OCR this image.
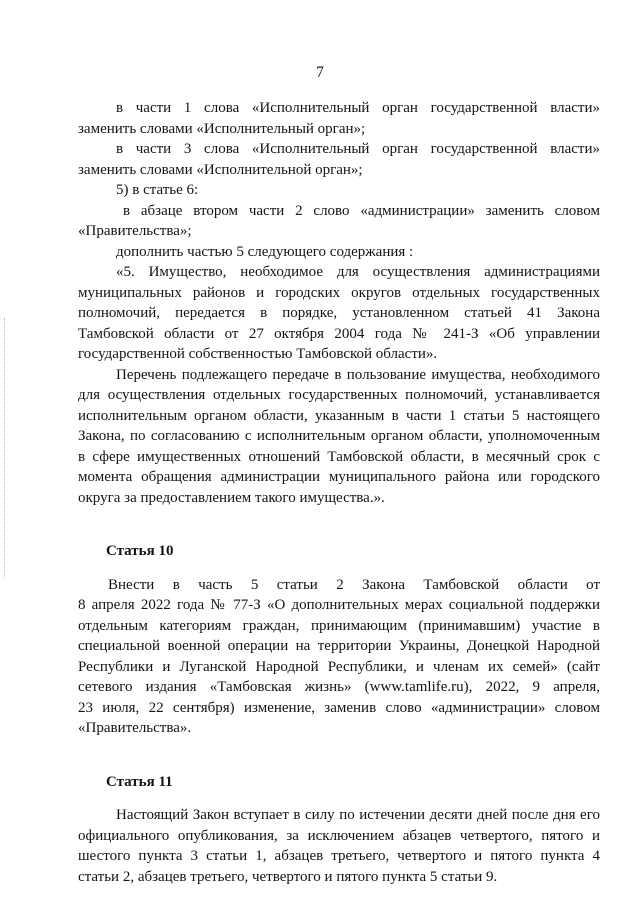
7
в части 1 слова «Исполнительный орган государственной власти»
заменить словами «Исполнительный орган»;
в части 3 слова «Исполнительный орган государственной власти»
заменить словами «Исполнительной орган»;
5) в статье 6:
в абзаце втором части 2 слово «администрации» заменить словом
«Правительства»;
дополнить частью 5 следующего содержания :
«5. Имущество, необходимое для осуществления администрациями
муниципальных районов и городских округов отдельных государственных
полномочий, передается в порядке, установленном статьей 41 Закона
Тамбовской области от 27 октября 2004 года № 241-З «Об управлении
государственной собственностью Тамбовской области».
Перечень подлежащего передаче в пользование имущества, необходимого
для осуществления отдельных государственных полномочий, устанавливается
исполнительным органом области, указанным в части 1 статьи 5 настоящего
Закона, по согласованию с исполнительным органом области, уполномоченным
в сфере имущественных отношений Тамбовской области, в месячный срок с
момента обращения администрации муниципального района или городского
округа за предоставлением такого имущества.».
Статья 10
Внести в часть 5 статьи 2 Закона Тамбовской области от
8 апреля 2022 года № 77-З «О дополнительных мерах социальной поддержки
отдельным категориям граждан, принимающим (принимавшим) участие в
специальной военной операции на территории Украины, Донецкой Народной
Республики и Луганской Народной Республики, и членам их семей» (сайт
сетевого издания «Тамбовская жизнь» (www.tamlife.ru), 2022, 9 апреля,
23 июля, 22 сентября) изменение, заменив слово «администрации» словом
«Правительства».
Статья 11
Настоящий Закон вступает в силу по истечении десяти дней после дня его
официального опубликования, за исключением абзацев четвертого, пятого и
шестого пункта 3 статьи 1, абзацев третьего, четвертого и пятого пункта 4
статьи 2, абзацев третьего, четвертого и пятого пункта 5 статьи 9.
